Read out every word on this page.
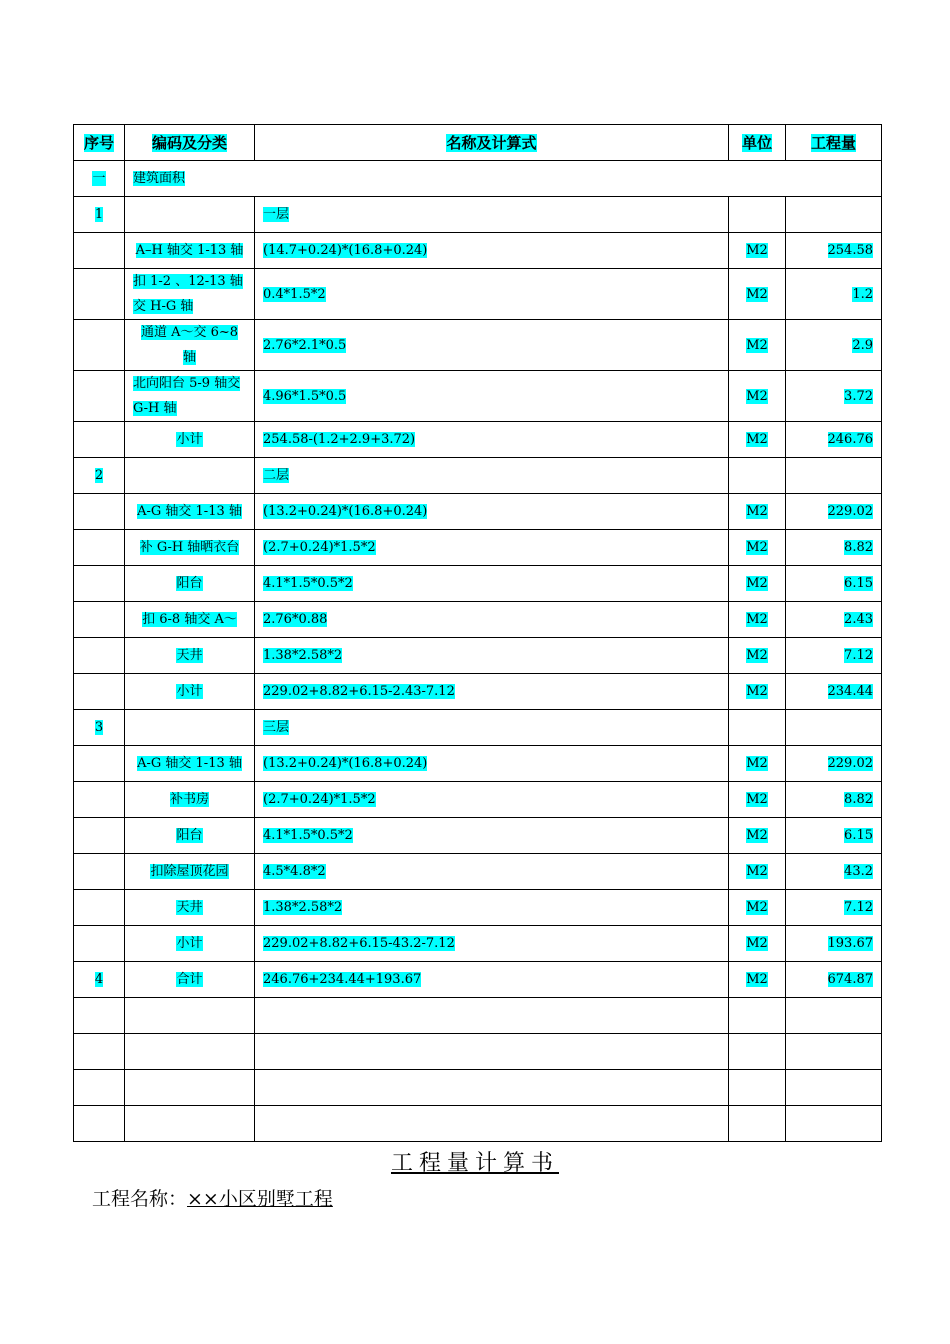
序号	编码及分类	名称及计算式	单位	工程量
一	建筑面积			
1		一层		
	A–H 轴交 1-13 轴	(14.7+0.24)*(16.8+0.24)	M2	254.58
	扣 1-2 、12-13 轴交 H-G 轴	0.4*1.5*2	M2	1.2
	通道 A～交 6~8 轴	2.76*2.1*0.5	M2	2.9
	北向阳台 5-9 轴交 G-H 轴	4.96*1.5*0.5	M2	3.72
	小计	254.58-(1.2+2.9+3.72)	M2	246.76
2		二层		
	A-G 轴交 1-13 轴	(13.2+0.24)*(16.8+0.24)	M2	229.02
	补 G-H 轴晒衣台	(2.7+0.24)*1.5*2	M2	8.82
	阳台	4.1*1.5*0.5*2	M2	6.15
	扣 6-8 轴交 A～	2.76*0.88	M2	2.43
	天井	1.38*2.58*2	M2	7.12
	小计	229.02+8.82+6.15-2.43-7.12	M2	234.44
3		三层		
	A-G 轴交 1-13 轴	(13.2+0.24)*(16.8+0.24)	M2	229.02
	补书房	(2.7+0.24)*1.5*2	M2	8.82
	阳台	4.1*1.5*0.5*2	M2	6.15
	扣除屋顶花园	4.5*4.8*2	M2	43.2
	天井	1.38*2.58*2	M2	7.12
	小计	229.02+8.82+6.15-43.2-7.12	M2	193.67
4	合计	246.76+234.44+193.67	M2	674.87

工程量计算书
工程名称：××小区别墅工程
